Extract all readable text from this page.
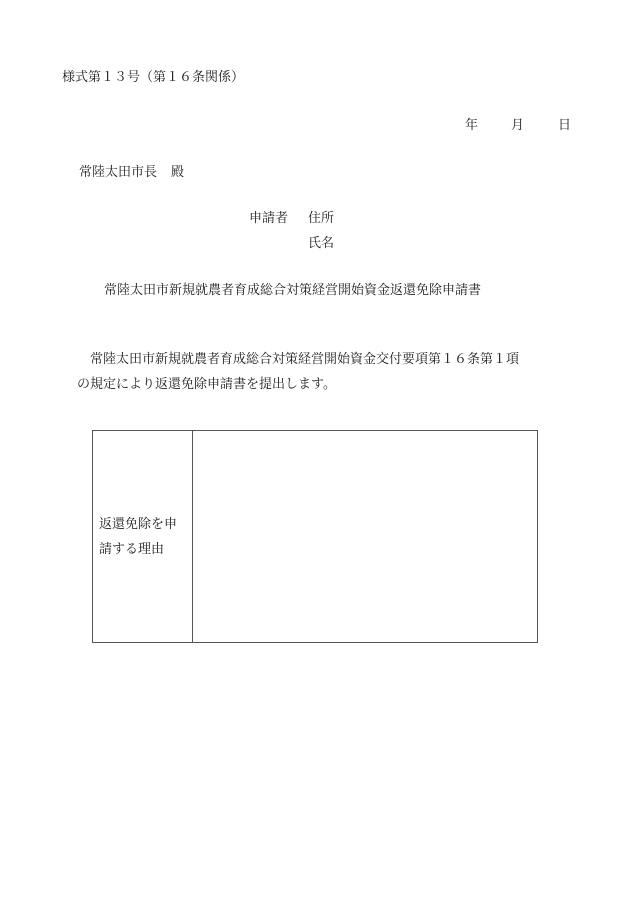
様式第１３号（第１６条関係）
年	月	日
常陸太田市長 殿
申請者 住所
氏名
常陸太田市新規就農者育成総合対策経営開始資金返還免除申請書
常陸太田市新規就農者育成総合対策経営開始資金交付要項第１６条第１項
の規定により返還免除申請書を提出します。
返還免除を申
請する理由
